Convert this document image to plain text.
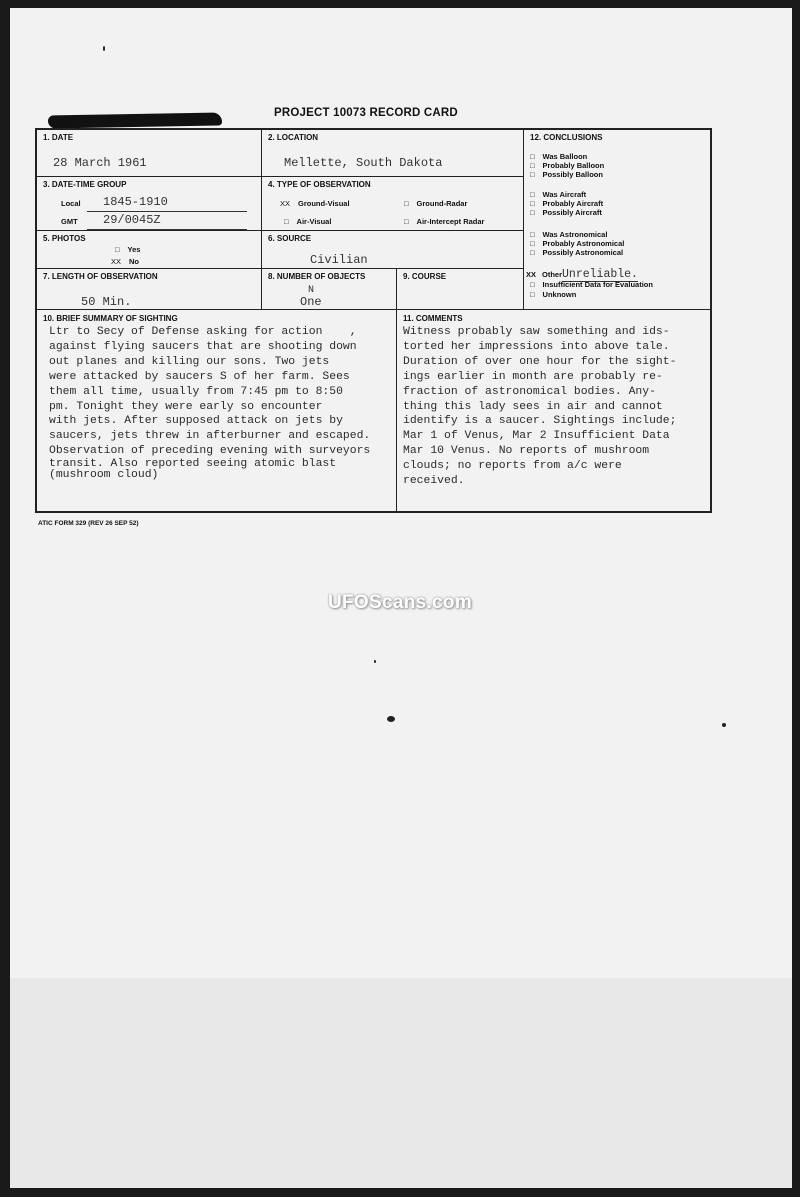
PROJECT 10073 RECORD CARD
1. DATE
28 March 1961
2. LOCATION
Mellette, South Dakota
12. CONCLUSIONS
□ Was Balloon
□ Probably Balloon
□ Possibly Balloon
□ Was Aircraft
□ Probably Aircraft
□ Possibly Aircraft
□ Was Astronomical
□ Probably Astronomical
□ Possibly Astronomical
XX OtherUnreliable.
□ Insufficient Data for Evaluation
□ Unknown
3. DATE-TIME GROUP
Local 1845-1910
GMT 29/0045Z
4. TYPE OF OBSERVATION
XX Ground-Visual	□ Ground-Radar
□ Air-Visual	□ Air-Intercept Radar
5. PHOTOS
□ Yes
XX No
6. SOURCE
Civilian
7. LENGTH OF OBSERVATION
50 Min.
8. NUMBER OF OBJECTS
N
One
9. COURSE
10. BRIEF SUMMARY OF SIGHTING
Ltr to Secy of Defense asking for action    ,
against flying saucers that are shooting down
out planes and killing our sons. Two jets
were attacked by saucers S of her farm. Sees
them all time, usually from 7:45 pm to 8:50
pm. Tonight they were early so encounter
with jets. After supposed attack on jets by
saucers, jets threw in afterburner and escaped.
Observation of preceding evening with surveyors
transit. Also reported seeing atomic blast
(mushroom cloud)
11. COMMENTS
Witness probably saw something and ids-
torted her impressions into above tale.
Duration of over one hour for the sight-
ings earlier in month are probably re-
fraction of astronomical bodies. Any-
thing this lady sees in air and cannot
identify is a saucer. Sightings include;
Mar 1 of Venus, Mar 2 Insufficient Data
Mar 10 Venus. No reports of mushroom
clouds; no reports from a/c were
received.
ATIC FORM 329 (REV 26 SEP 52)
UFOScans.com
